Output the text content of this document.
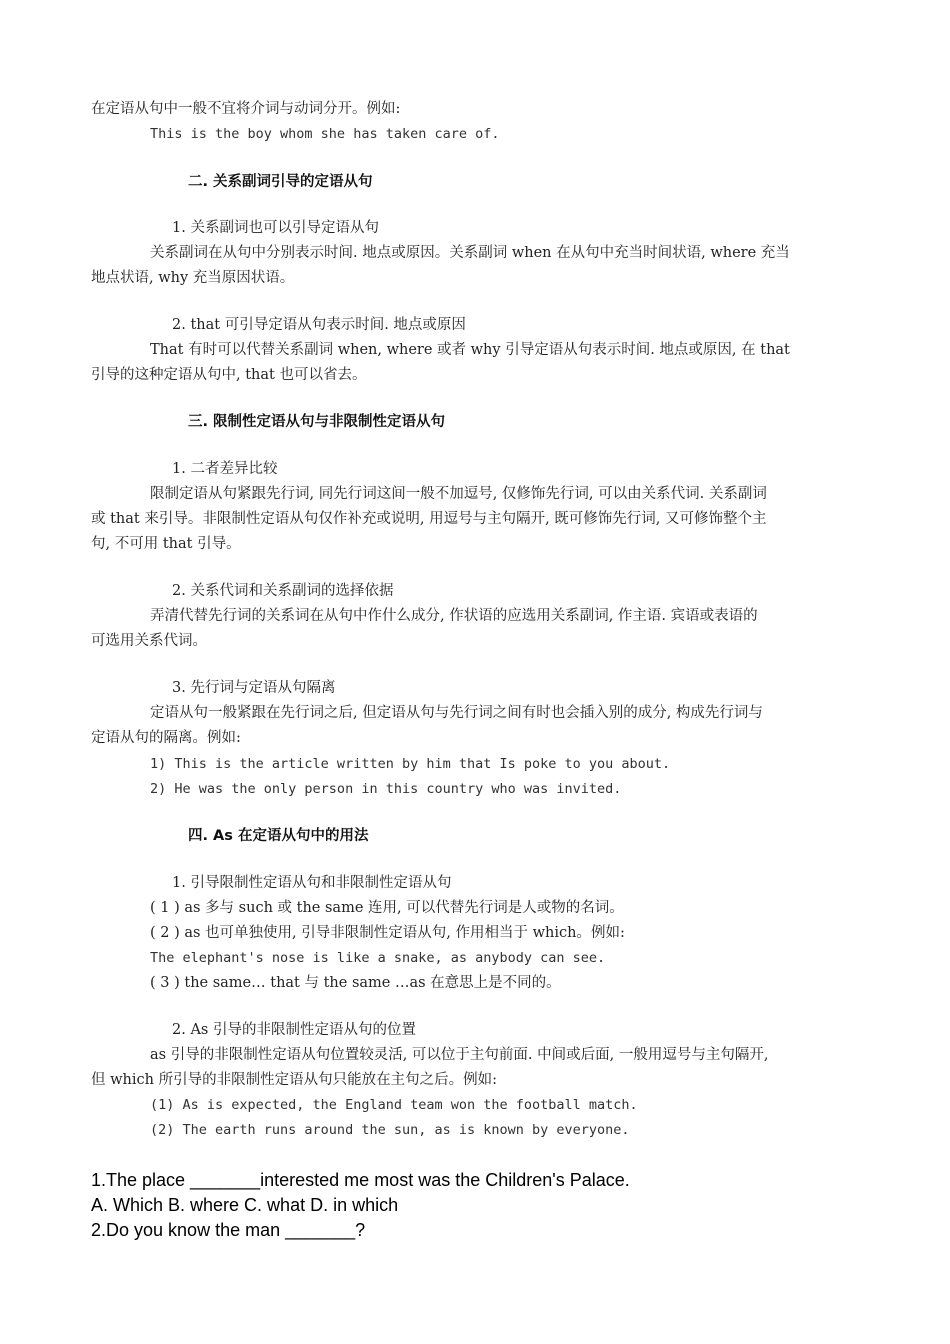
在定语从句中一般不宜将介词与动词分开。例如:
This is the boy whom she has taken care of.
二. 关系副词引导的定语从句
1. 关系副词也可以引导定语从句
关系副词在从句中分别表示时间. 地点或原因。关系副词 when 在从句中充当时间状语, where 充当
地点状语, why 充当原因状语。
2. that 可引导定语从句表示时间. 地点或原因
That 有时可以代替关系副词 when, where 或者 why 引导定语从句表示时间. 地点或原因, 在 that
引导的这种定语从句中, that 也可以省去。
三. 限制性定语从句与非限制性定语从句
1. 二者差异比较
限制定语从句紧跟先行词, 同先行词这间一般不加逗号, 仅修饰先行词, 可以由关系代词. 关系副词
或 that 来引导。非限制性定语从句仅作补充或说明, 用逗号与主句隔开, 既可修饰先行词, 又可修饰整个主
句, 不可用 that 引导。
2. 关系代词和关系副词的选择依据
弄清代替先行词的关系词在从句中作什么成分, 作状语的应选用关系副词, 作主语. 宾语或表语的
可选用关系代词。
3. 先行词与定语从句隔离
定语从句一般紧跟在先行词之后, 但定语从句与先行词之间有时也会插入别的成分, 构成先行词与
定语从句的隔离。例如:
1) This is the article written by him that Is poke to you about.
2) He was the only person in this country who was invited.
四. As 在定语从句中的用法
1. 引导限制性定语从句和非限制性定语从句
( 1 ) as 多与 such 或 the same 连用, 可以代替先行词是人或物的名词。
( 2 ) as 也可单独使用, 引导非限制性定语从句, 作用相当于 which。例如:
The elephant's nose is like a snake, as anybody can see.
( 3 ) the same… that 与 the same …as 在意思上是不同的。
2. As 引导的非限制性定语从句的位置
as 引导的非限制性定语从句位置较灵活, 可以位于主句前面. 中间或后面, 一般用逗号与主句隔开,
但 which 所引导的非限制性定语从句只能放在主句之后。例如:
(1) As is expected, the England team won the football match.
(2) The earth runs around the sun, as is known by everyone.
1.The place _______interested me most was the Children's Palace.
A. Which B. where C. what D. in which
2.Do you know the man _______?
